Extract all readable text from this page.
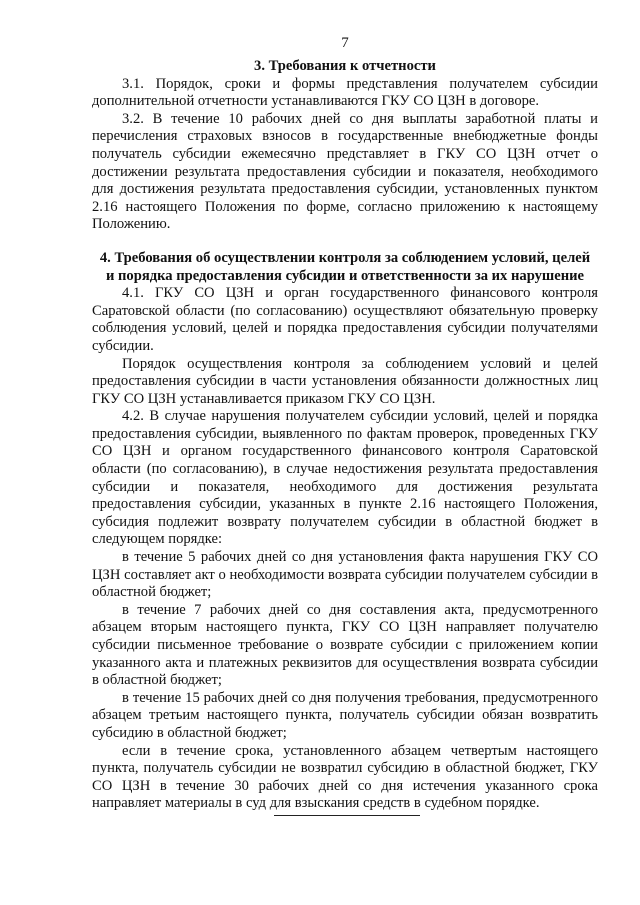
7
3. Требования к отчетности

3.1. Порядок, сроки и формы представления получателем субсидии дополнительной отчетности устанавливаются ГКУ СО ЦЗН в договоре.

3.2. В течение 10 рабочих дней со дня выплаты заработной платы и перечисления страховых взносов в государственные внебюджетные фонды получатель субсидии ежемесячно представляет в ГКУ СО ЦЗН отчет о достижении результата предоставления субсидии и показателя, необходимого для достижения результата предоставления субсидии, установленных пунктом 2.16 настоящего Положения по форме, согласно приложению к настоящему Положению.

4. Требования об осуществлении контроля за соблюдением условий, целей
и порядка предоставления субсидии и ответственности за их нарушение

4.1. ГКУ СО ЦЗН и орган государственного финансового контроля Саратовской области (по согласованию) осуществляют обязательную проверку соблюдения условий, целей и порядка предоставления субсидии получателями субсидии.

Порядок осуществления контроля за соблюдением условий и целей предоставления субсидии в части установления обязанности должностных лиц ГКУ СО ЦЗН устанавливается приказом ГКУ СО ЦЗН.

4.2. В случае нарушения получателем субсидии условий, целей и порядка предоставления субсидии, выявленного по фактам проверок, проведенных ГКУ СО ЦЗН и органом государственного финансового контроля Саратовской области (по согласованию), в случае недостижения результата предоставления субсидии и показателя, необходимого для достижения результата предоставления субсидии, указанных в пункте 2.16 настоящего Положения, субсидия подлежит возврату получателем субсидии в областной бюджет в следующем порядке:

в течение 5 рабочих дней со дня установления факта нарушения ГКУ СО ЦЗН составляет акт о необходимости возврата субсидии получателем субсидии в областной бюджет;

в течение 7 рабочих дней со дня составления акта, предусмотренного абзацем вторым настоящего пункта, ГКУ СО ЦЗН направляет получателю субсидии письменное требование о возврате субсидии с приложением копии указанного акта и платежных реквизитов для осуществления возврата субсидии в областной бюджет;

в течение 15 рабочих дней со дня получения требования, предусмотренного абзацем третьим настоящего пункта, получатель субсидии обязан возвратить субсидию в областной бюджет;

если в течение срока, установленного абзацем четвертым настоящего пункта, получатель субсидии не возвратил субсидию в областной бюджет, ГКУ СО ЦЗН в течение 30 рабочих дней со дня истечения указанного срока направляет материалы в суд для взыскания средств в судебном порядке.
